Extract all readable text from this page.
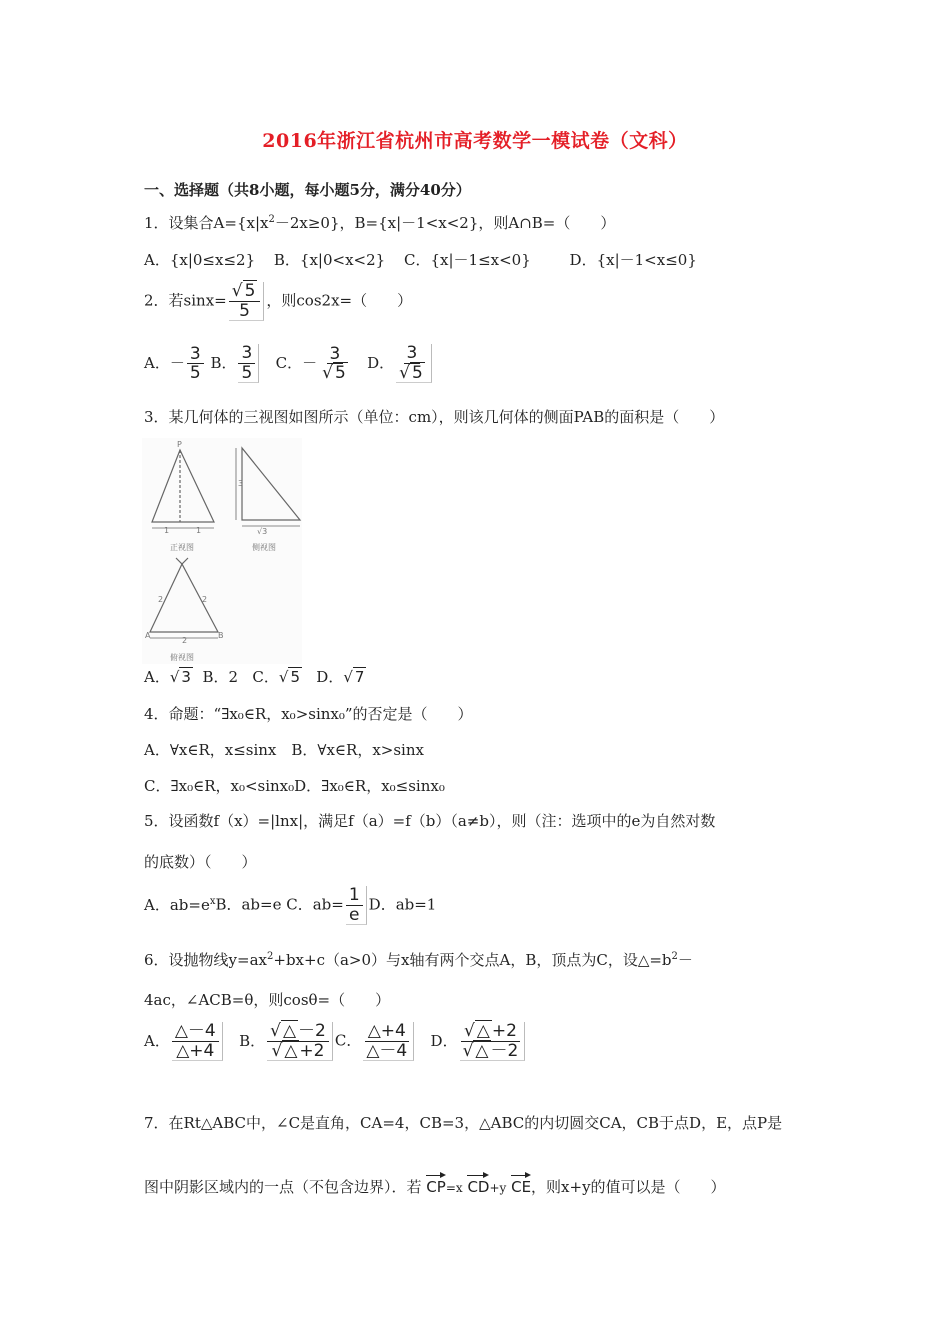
2016年浙江省杭州市高考数学一模试卷（文科）
一、选择题（共8小题，每小题5分，满分40分）
1．设集合$A=\{x|x^2-2x\ge 0\}$，B={x|－1<x<2}，则A∩B=（　　）
A．{x|0≤x≤2} B．{x|0<x<2} C．{x|－1≤x<0}	D．{x|－1<x≤0}
2．若$\sin x= \frac{√ 5}{5}$ ，则cos2x=（　　）
A．－ $\frac{3}{5}$ B． $\frac{3}{5}$ C．－ $\frac{3}{√ 5}$ D． $\frac{3}{√ 5}$
3．某几何体的三视图如图所示（单位：cm），则该几何体的侧面PAB的面积是（　　）
P
1	1
正视图
3
√3
侧视图
2	2
2
A	B
俯视图
A．√ 3 B．2 C．√ 5 D．√ 7
4．命题：“∃x₀∈R，x₀>sinx₀”的否定是（　　）
A．∀x∈R，x≤sinx　B．∀x∈R，x>sinx
C．∃x₀∈R，x₀<sinx₀D．∃x₀∈R，x₀≤sinx₀
5．设函数f（x）=|lnx|，满足f（a）=f（b）（a≠b），则（注：选项中的e为自然对数
的底数）（　　）
A．$ab=e^xB$．ab=e C．$ab= \frac{1}{e}$ D．ab=1
6．设抛物线$y=ax^2+bx+c(a>0)$与x轴有两个交点A，B，顶点为C，设$\triangle=b^2-$
4ac，∠ACB=θ，则cosθ=（　　）
A． $\frac{\triangle-4}{\triangle+4}$ B． $\frac{√ \triangle -2}{√ \triangle +2}$ C． $\frac{\triangle+4}{\triangle-4}$ D． $\frac{√ \triangle +2}{√ \triangle -2}$
7．在Rt△ABC中，∠C是直角，CA=4，CB=3，△ABC的内切圆交CA，CB于点D，E，点P是
图中阴影区域内的一点（不包含边界）．若 CP=x CD+y CE，则x+y的值可以是（　　）
